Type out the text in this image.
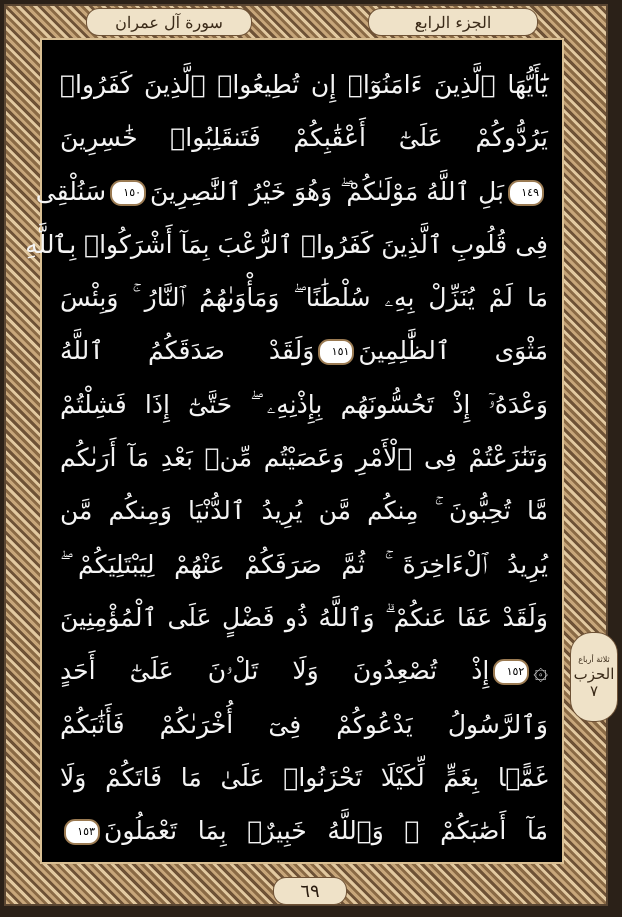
سورة آل عمران	الجزء الرابع
يَٰٓأَيُّهَا ٱلَّذِينَ ءَامَنُوٓا۟ إِن تُطِيعُوا۟ ٱلَّذِينَ كَفَرُوا۟
يَرُدُّوكُمْ عَلَىٰٓ أَعْقَٰبِكُمْ فَتَنقَلِبُوا۟ خَٰسِرِينَ
١٤٩بَلِ ٱللَّهُ مَوْلَىٰكُمْ ۖ وَهُوَ خَيْرُ ٱلنَّٰصِرِينَ١٥٠سَنُلْقِى
فِى قُلُوبِ ٱلَّذِينَ كَفَرُوا۟ ٱلرُّعْبَ بِمَآ أَشْرَكُوا۟ بِٱللَّهِ
مَا لَمْ يُنَزِّلْ بِهِۦ سُلْطَٰنًا ۖ وَمَأْوَىٰهُمُ ٱلنَّارُ ۚ وَبِئْسَ
مَثْوَى ٱلظَّٰلِمِينَ١٥١وَلَقَدْ صَدَقَكُمُ ٱللَّهُ
وَعْدَهُۥٓ إِذْ تَحُسُّونَهُم بِإِذْنِهِۦ ۖ حَتَّىٰٓ إِذَا فَشِلْتُمْ
وَتَنَٰزَعْتُمْ فِى ٱلْأَمْرِ وَعَصَيْتُم مِّنۢ بَعْدِ مَآ أَرَىٰكُم
مَّا تُحِبُّونَ ۚ مِنكُم مَّن يُرِيدُ ٱلدُّنْيَا وَمِنكُم مَّن
يُرِيدُ ٱلْءَاخِرَةَ ۚ ثُمَّ صَرَفَكُمْ عَنْهُمْ لِيَبْتَلِيَكُمْ ۖ
وَلَقَدْ عَفَا عَنكُمْ ۗ وَٱللَّهُ ذُو فَضْلٍ عَلَى ٱلْمُؤْمِنِينَ
۞١٥٢إِذْ تُصْعِدُونَ وَلَا تَلْۥنَ عَلَىٰٓ أَحَدٍ
وَٱلرَّسُولُ يَدْعُوكُمْ فِىٓ أُخْرَىٰكُمْ فَأَثَٰبَكُمْ
غَمًّۢا بِغَمٍّ لِّكَيْلَا تَحْزَنُوا۟ عَلَىٰ مَا فَاتَكُمْ وَلَا
مَآ أَصَٰبَكُمْ ۗ وَٱللَّهُ خَبِيرٌۢ بِمَا تَعْمَلُونَ١٥٣
ثلاثة أرباع
الحزب
٧
٦٩
